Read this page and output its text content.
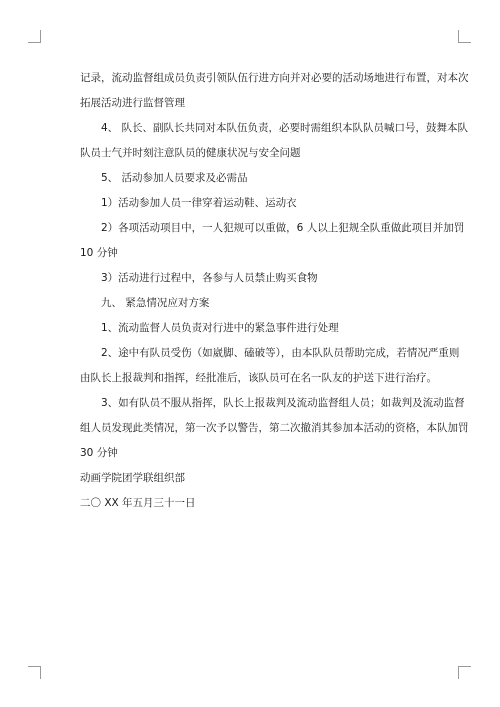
记录，流动监督组成员负责引领队伍行进方向并对必要的活动场地进行布置，对本次
拓展活动进行监督管理
4、 队长、副队长共同对本队伍负责，必要时需组织本队队员喊口号，鼓舞本队
队员士气并时刻注意队员的健康状况与安全问题
5、 活动参加人员要求及必需品
1）活动参加人员一律穿着运动鞋、运动衣
2）各项活动项目中，一人犯规可以重做，6 人以上犯规全队重做此项目并加罚
10 分钟
3）活动进行过程中，各参与人员禁止购买食物
九、 紧急情况应对方案
1、流动监督人员负责对行进中的紧急事件进行处理
2、途中有队员受伤（如崴脚、磕破等），由本队队员帮助完成，若情况严重则
由队长上报裁判和指挥，经批准后，该队员可在名一队友的护送下进行治疗。
3、如有队员不服从指挥，队长上报裁判及流动监督组人员；如裁判及流动监督
组人员发现此类情况，第一次予以警告，第二次撤消其参加本活动的资格，本队加罚
30 分钟
动画学院团学联组织部
二〇 XX 年五月三十一日
